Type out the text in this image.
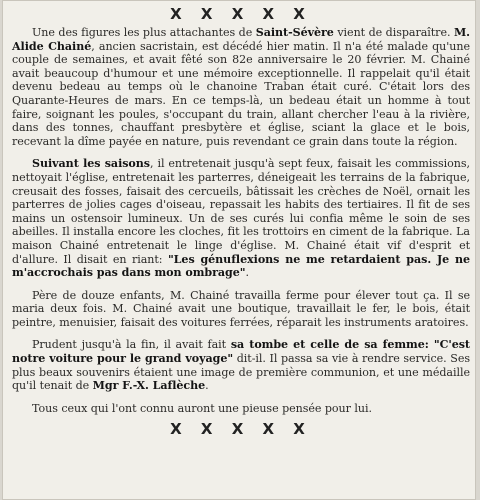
X X X X X

Une des figures les plus attachantes de Saint-Sévère vient de disparaître. M. Alide Chainé, ancien sacristain, est décédé hier matin. Il n'a été malade qu'une couple de semaines, et avait fêté son 82e anniversaire le 20 février. M. Chainé avait beaucoup d'humour et une mémoire exceptionnelle. Il rappelait qu'il était devenu bedeau au temps où le chanoine Traban était curé. C'était lors des Quarante-Heures de mars. En ce temps-là, un bedeau était un homme à tout faire, soignant les poules, s'occupant du train, allant chercher l'eau à la rivière, dans des tonnes, chauffant presbytère et église, sciant la glace et le bois, recevant la dîme payée en nature, puis revendant ce grain dans toute la région.

Suivant les saisons, il entretenait jusqu'à sept feux, faisait les commissions, nettoyait l'église, entretenait les parterres, déneigeait les terrains de la fabrique, creusait des fosses, faisait des cercueils, bâtissait les crèches de Noël, ornait les parterres de jolies cages d'oiseau, repassait les habits des tertiaires. Il fit de ses mains un ostensoir lumineux. Un de ses curés lui confia même le soin de ses abeilles. Il installa encore les cloches, fit les trottoirs en ciment de la fabrique. La maison Chainé entretenait le linge d'église. M. Chainé était vif d'esprit et d'allure. Il disait en riant: "Les génuflexions ne me retardaient pas. Je ne m'accrochais pas dans mon ombrage".

Père de douze enfants, M. Chainé travailla ferme pour élever tout ça. Il se maria deux fois. M. Chainé avait une boutique, travaillait le fer, le bois, était peintre, menuisier, faisait des voitures ferrées, réparait les instruments aratoires.

Prudent jusqu'à la fin, il avait fait sa tombe et celle de sa femme: "C'est notre voiture pour le grand voyage" dit-il. Il passa sa vie à rendre service. Ses plus beaux souvenirs étaient une image de première communion, et une médaille qu'il tenait de Mgr F.-X. Laflèche.

Tous ceux qui l'ont connu auront une pieuse pensée pour lui.

X X X X X
